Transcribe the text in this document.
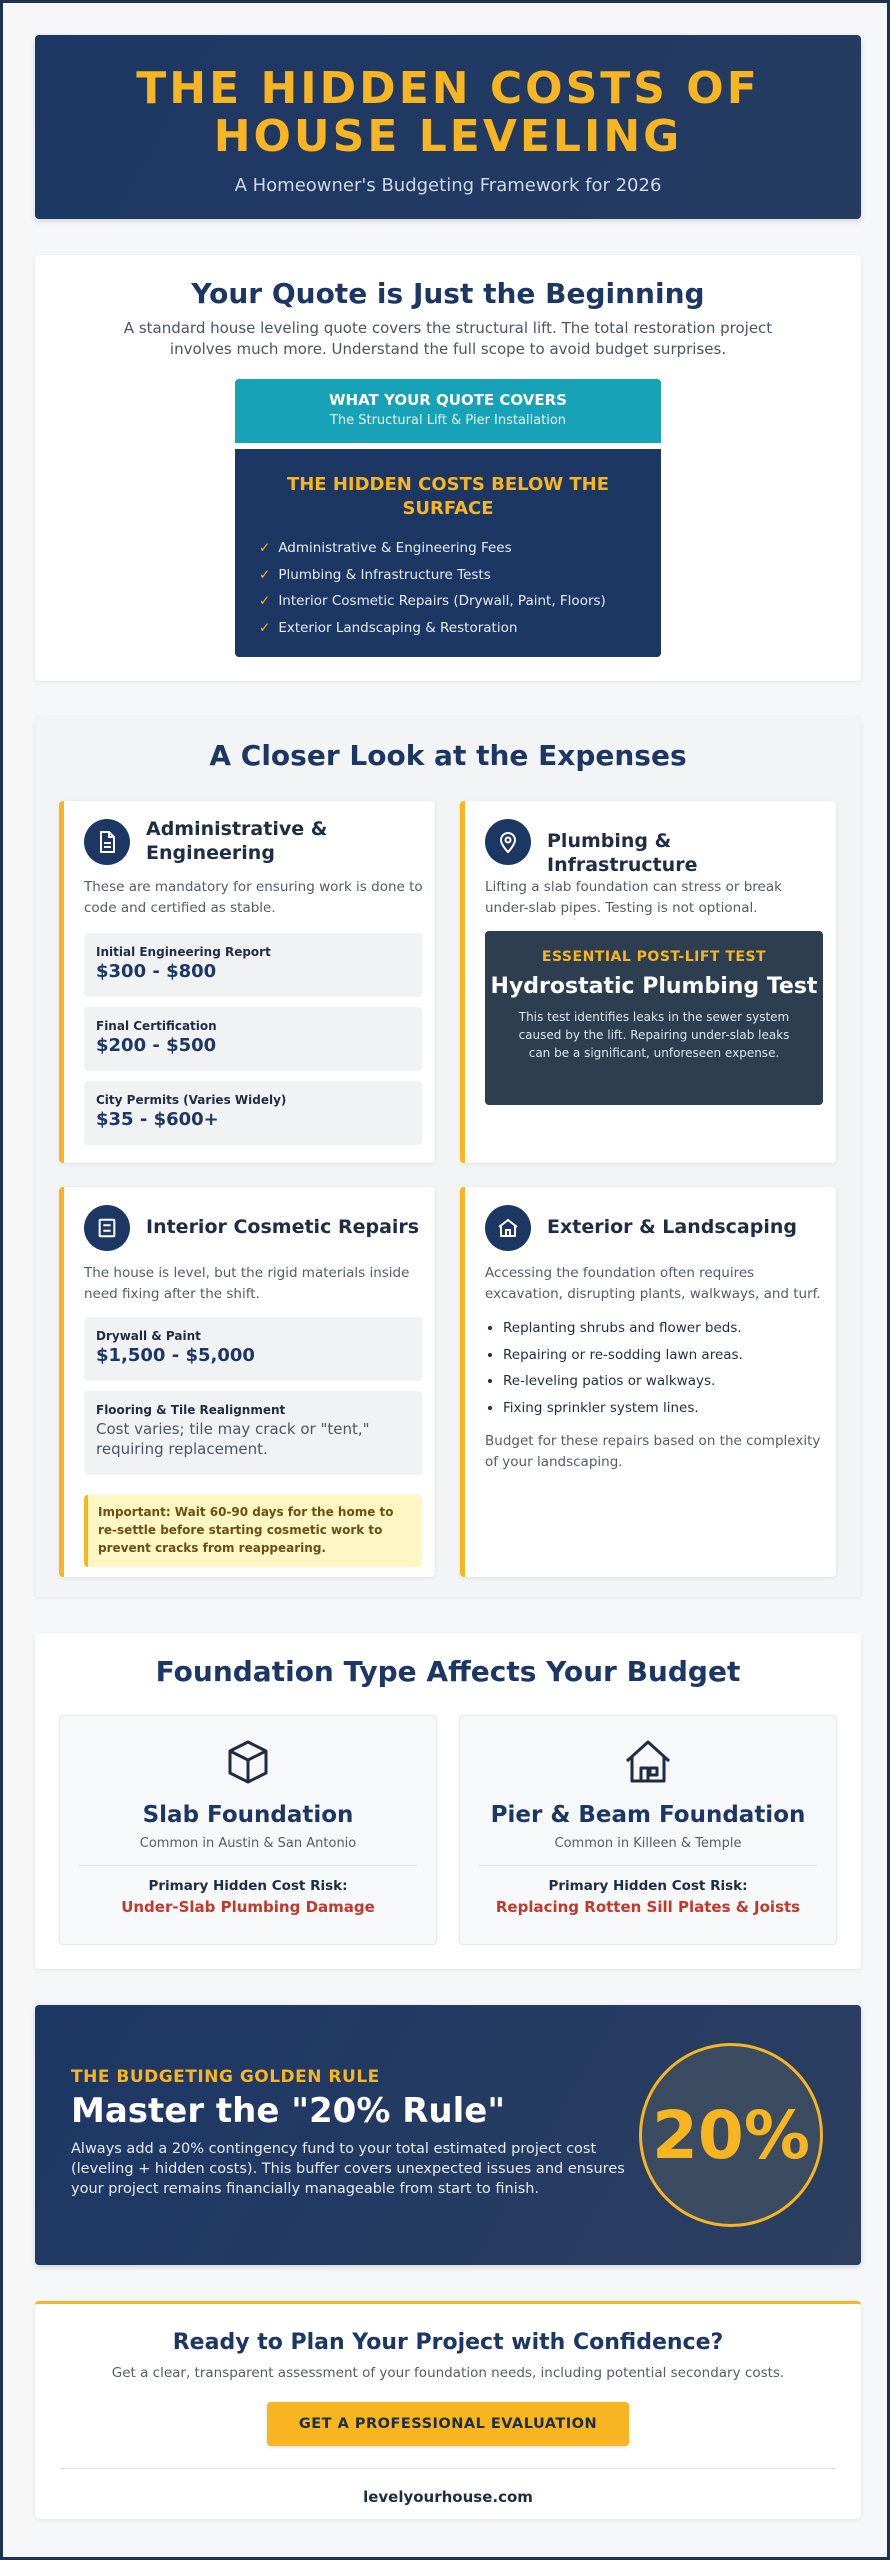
THE HIDDEN COSTS OF
HOUSE LEVELING

A Homeowner's Budgeting Framework for 2026

Your Quote is Just the Beginning
A standard house leveling quote covers the structural lift. The total restoration project involves much more. Understand the full scope to avoid budget surprises.
WHAT YOUR QUOTE COVERS
The Structural Lift & Pier Installation
THE HIDDEN COSTS BELOW THE SURFACE
✓ Administrative & Engineering Fees
✓ Plumbing & Infrastructure Tests
✓ Interior Cosmetic Repairs (Drywall, Paint, Floors)
✓ Exterior Landscaping & Restoration
A Closer Look at the Expenses
Administrative & Engineering
These are mandatory for ensuring work is done to code and certified as stable.
Initial Engineering Report
$300 - $800
Final Certification
$200 - $500
City Permits (Varies Widely)
$35 - $600+
Plumbing & Infrastructure
Lifting a slab foundation can stress or break under-slab pipes. Testing is not optional.
ESSENTIAL POST-LIFT TEST
Hydrostatic Plumbing Test
This test identifies leaks in the sewer system caused by the lift. Repairing under-slab leaks can be a significant, unforeseen expense.
Interior Cosmetic Repairs
The house is level, but the rigid materials inside need fixing after the shift.
Drywall & Paint
$1,500 - $5,000
Flooring & Tile Realignment
Cost varies; tile may crack or "tent," requiring replacement.
Important: Wait 60-90 days for the home to re-settle before starting cosmetic work to prevent cracks from reappearing.
Exterior & Landscaping
Accessing the foundation often requires excavation, disrupting plants, walkways, and turf.
• Replanting shrubs and flower beds.
• Repairing or re-sodding lawn areas.
• Re-leveling patios or walkways.
• Fixing sprinkler system lines.
Budget for these repairs based on the complexity of your landscaping.
Foundation Type Affects Your Budget
Slab Foundation
Common in Austin & San Antonio
Primary Hidden Cost Risk:
Under-Slab Plumbing Damage
Pier & Beam Foundation
Common in Killeen & Temple
Primary Hidden Cost Risk:
Replacing Rotten Sill Plates & Joists
THE BUDGETING GOLDEN RULE
Master the "20% Rule"

Always add a 20% contingency fund to your total estimated project cost (leveling + hidden costs). This buffer covers unexpected issues and ensures your project remains financially manageable from start to finish.

20%
Ready to Plan Your Project with Confidence?
Get a clear, transparent assessment of your foundation needs, including potential secondary costs.
GET A PROFESSIONAL EVALUATION
levelyourhouse.com
